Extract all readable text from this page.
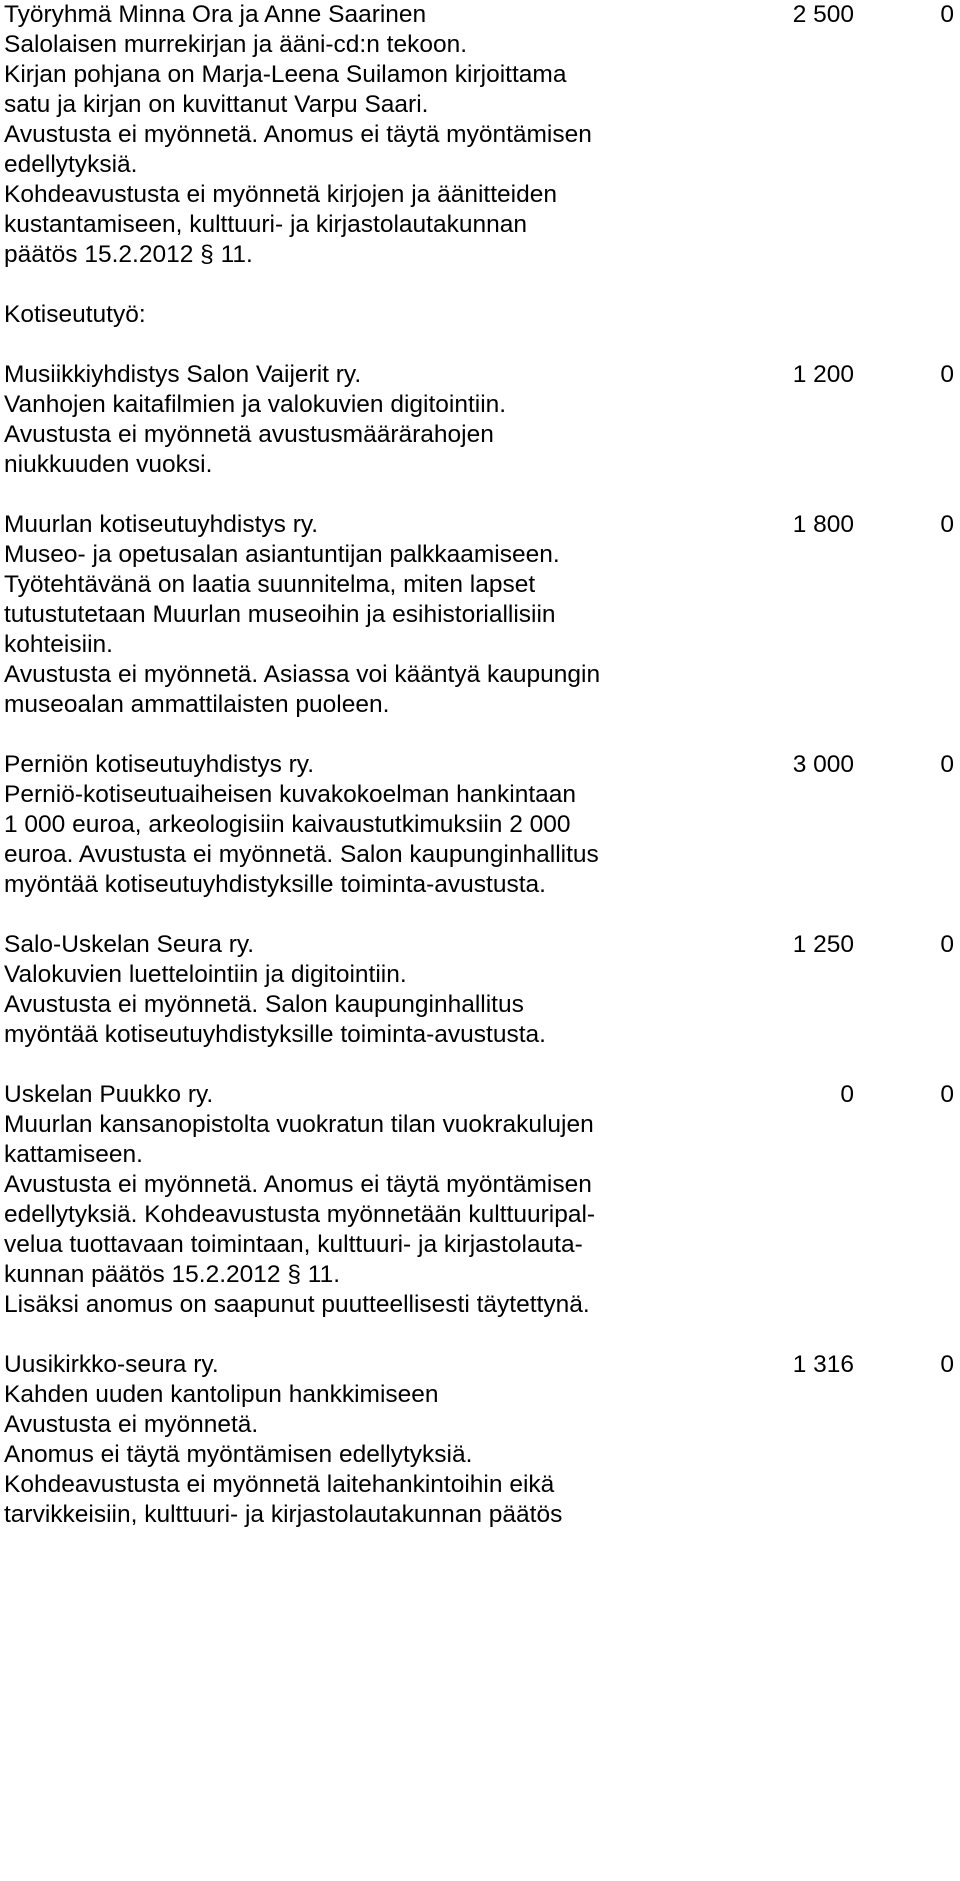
Työryhmä Minna Ora ja Anne Saarinen	2 500	0
Salolaisen murrekirjan ja ääni-cd:n tekoon.
Kirjan pohjana on Marja-Leena Suilamon kirjoittama
satu ja kirjan on kuvittanut Varpu Saari.
Avustusta ei myönnetä. Anomus ei täytä myöntämisen
edellytyksiä.
Kohdeavustusta ei myönnetä kirjojen ja äänitteiden
kustantamiseen, kulttuuri- ja kirjastolautakunnan
päätös 15.2.2012 § 11.
Kotiseututyö:
Musiikkiyhdistys Salon Vaijerit ry.	1 200	0
Vanhojen kaitafilmien ja valokuvien digitointiin.
Avustusta ei myönnetä avustusmäärärahojen
niukkuuden vuoksi.
Muurlan kotiseutuyhdistys ry.	1 800	0
Museo- ja opetusalan asiantuntijan palkkaamiseen.
Työtehtävänä on laatia suunnitelma, miten lapset
tutustutetaan Muurlan museoihin ja esihistoriallisiin
kohteisiin.
Avustusta ei myönnetä. Asiassa voi kääntyä kaupungin
museoalan ammattilaisten puoleen.
Perniön kotiseutuyhdistys ry.	3 000	0
Perniö-kotiseutuaiheisen kuvakokoelman hankintaan
1 000 euroa, arkeologisiin kaivaustutkimuksiin 2 000
euroa. Avustusta ei myönnetä. Salon kaupunginhallitus
myöntää kotiseutuyhdistyksille toiminta-avustusta.
Salo-Uskelan Seura ry.	1 250	0
Valokuvien luettelointiin ja digitointiin.
Avustusta ei myönnetä. Salon kaupunginhallitus
myöntää kotiseutuyhdistyksille toiminta-avustusta.
Uskelan Puukko ry.	0	0
Muurlan kansanopistolta vuokratun tilan vuokrakulujen
kattamiseen.
Avustusta ei myönnetä. Anomus ei täytä myöntämisen
edellytyksiä. Kohdeavustusta myönnetään kulttuuripal-
velua tuottavaan toimintaan, kulttuuri- ja kirjastolauta-
kunnan päätös 15.2.2012 § 11.
Lisäksi anomus on saapunut puutteellisesti täytettynä.
Uusikirkko-seura ry.	1 316	0
Kahden uuden kantolipun hankkimiseen
Avustusta ei myönnetä.
Anomus ei täytä myöntämisen edellytyksiä.
Kohdeavustusta ei myönnetä laitehankintoihin eikä
tarvikkeisiin, kulttuuri- ja kirjastolautakunnan päätös
